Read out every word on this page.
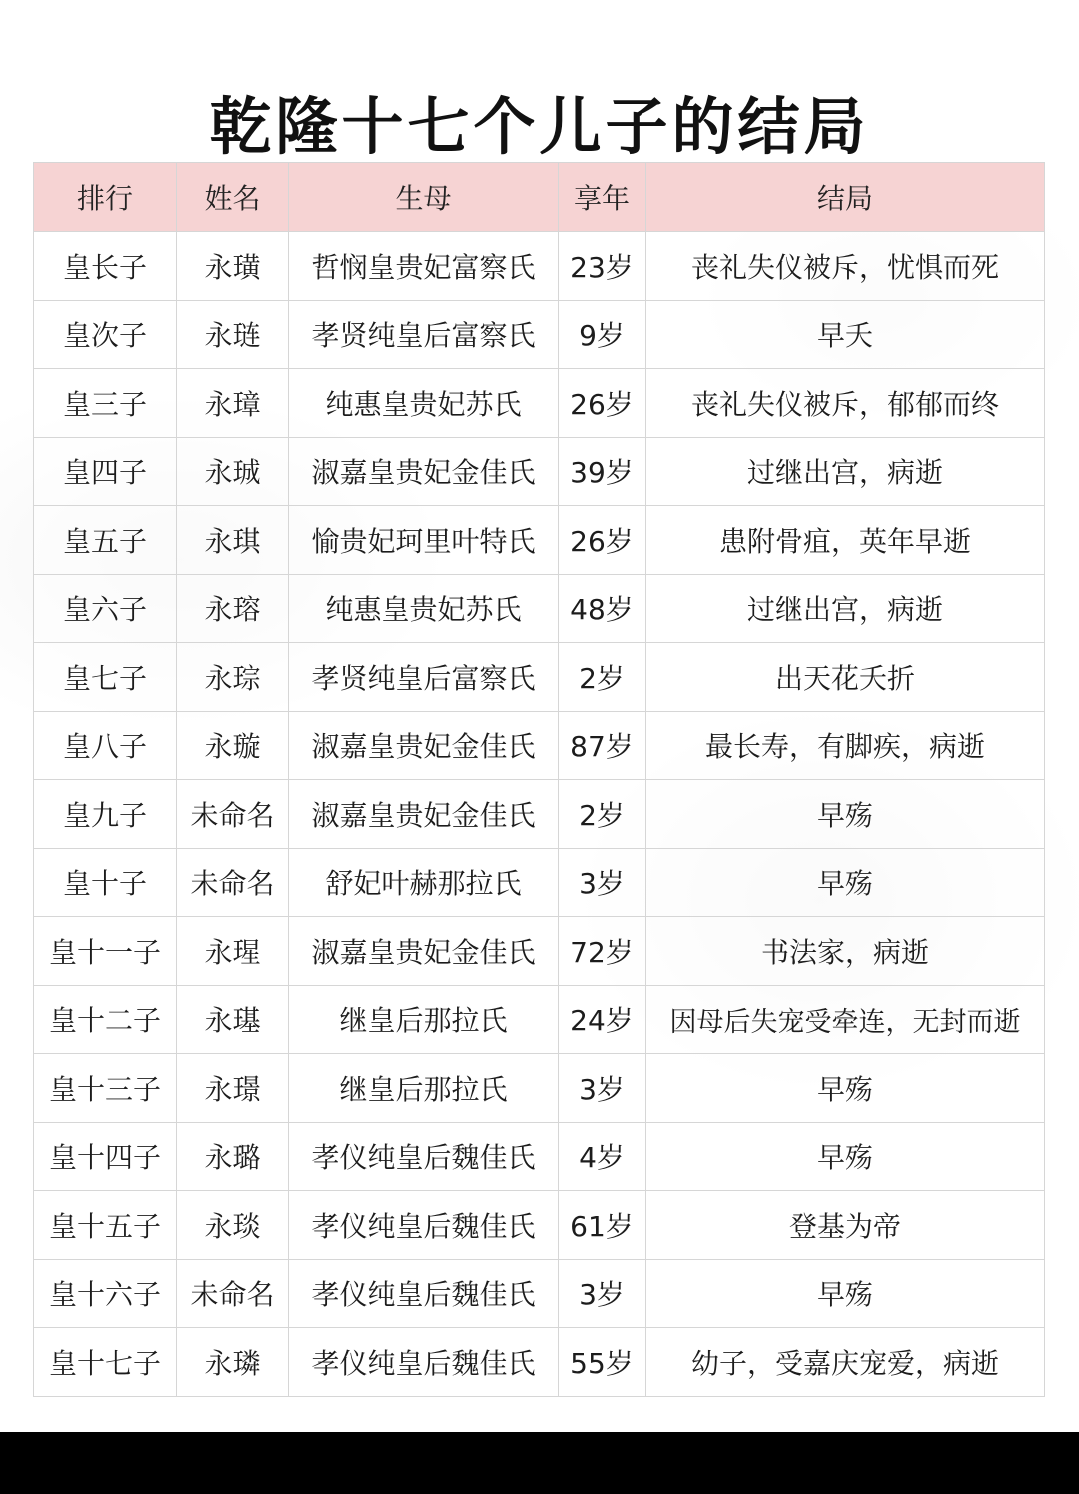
乾隆十七个儿子的结局
排行	姓名	生母	享年	结局
皇长子	永璜	哲悯皇贵妃富察氏	23岁	丧礼失仪被斥，忧惧而死
皇次子	永琏	孝贤纯皇后富察氏	9岁	早夭
皇三子	永璋	纯惠皇贵妃苏氏	26岁	丧礼失仪被斥，郁郁而终
皇四子	永珹	淑嘉皇贵妃金佳氏	39岁	过继出宫，病逝
皇五子	永琪	愉贵妃珂里叶特氏	26岁	患附骨疽，英年早逝
皇六子	永瑢	纯惠皇贵妃苏氏	48岁	过继出宫，病逝
皇七子	永琮	孝贤纯皇后富察氏	2岁	出天花夭折
皇八子	永璇	淑嘉皇贵妃金佳氏	87岁	最长寿，有脚疾，病逝
皇九子	未命名	淑嘉皇贵妃金佳氏	2岁	早殇
皇十子	未命名	舒妃叶赫那拉氏	3岁	早殇
皇十一子	永瑆	淑嘉皇贵妃金佳氏	72岁	书法家，病逝
皇十二子	永璂	继皇后那拉氏	24岁	因母后失宠受牵连，无封而逝
皇十三子	永璟	继皇后那拉氏	3岁	早殇
皇十四子	永璐	孝仪纯皇后魏佳氏	4岁	早殇
皇十五子	永琰	孝仪纯皇后魏佳氏	61岁	登基为帝
皇十六子	未命名	孝仪纯皇后魏佳氏	3岁	早殇
皇十七子	永璘	孝仪纯皇后魏佳氏	55岁	幼子，受嘉庆宠爱，病逝
